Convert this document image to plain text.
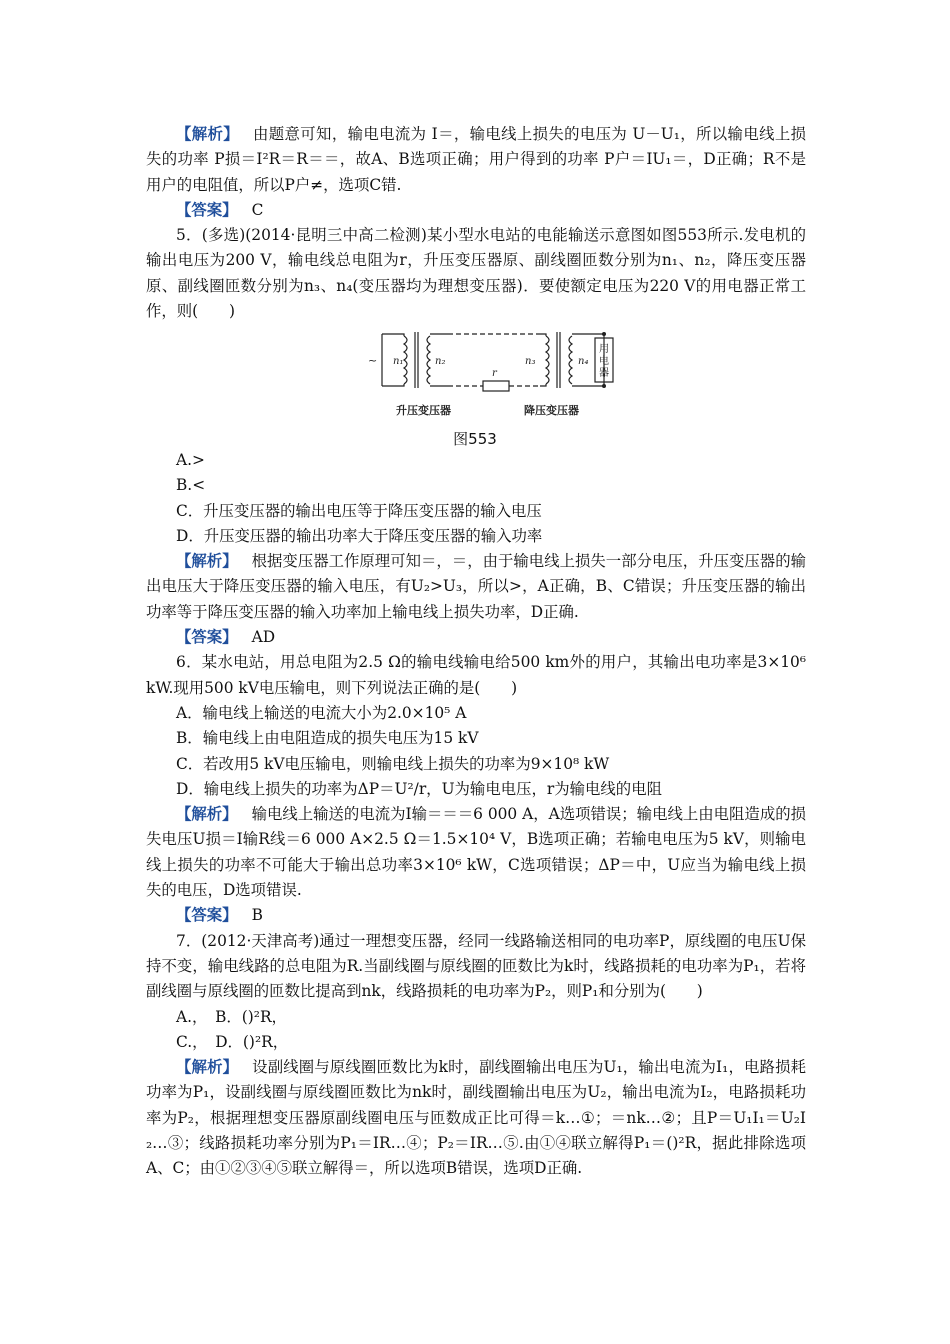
【解析】 由题意可知，输电电流为 I＝，输电线上损失的电压为 U－U₁，所以输电线上损失的功率 P损＝I²R＝R＝＝，故A、B选项正确；用户得到的功率 P户＝IU₁＝，D正确；R不是用户的电阻值，所以P户≠，选项C错.

【答案】 C

5．(多选)(2014·昆明三中高二检测)某小型水电站的电能输送示意图如图553所示.发电机的输出电压为200 V，输电线总电阻为r，升压变压器原、副线圈匝数分别为n₁、n₂，降压变压器原、副线圈匝数分别为n₃、n₄(变压器均为理想变压器)．要使额定电压为220 V的用电器正常工作，则(　　)

n₁	n₂	n₃	n₄
r
~
用电器
升压变压器	降压变压器
图553

A.>

B.<

C．升压变压器的输出电压等于降压变压器的输入电压

D．升压变压器的输出功率大于降压变压器的输入功率

【解析】 根据变压器工作原理可知＝，＝，由于输电线上损失一部分电压，升压变压器的输出电压大于降压变压器的输入电压，有U₂>U₃，所以>，A正确，B、C错误；升压变压器的输出功率等于降压变压器的输入功率加上输电线上损失功率，D正确.

【答案】 AD

6．某水电站，用总电阻为2.5 Ω的输电线输电给500 km外的用户，其输出电功率是3×10⁶ kW.现用500 kV电压输电，则下列说法正确的是(　　)

A．输电线上输送的电流大小为2.0×10⁵ A

B．输电线上由电阻造成的损失电压为15 kV

C．若改用5 kV电压输电，则输电线上损失的功率为9×10⁸ kW

D．输电线上损失的功率为ΔP＝U²/r，U为输电电压，r为输电线的电阻

【解析】 输电线上输送的电流为I输＝＝＝6 000 A，A选项错误；输电线上由电阻造成的损失电压U损＝I输R线＝6 000 A×2.5 Ω＝1.5×10⁴ V，B选项正确；若输电电压为5 kV，则输电线上损失的功率不可能大于输出总功率3×10⁶ kW，C选项错误；ΔP＝中，U应当为输电线上损失的电压，D选项错误.

【答案】 B

7．(2012·天津高考)通过一理想变压器，经同一线路输送相同的电功率P，原线圈的电压U保持不变，输电线路的总电阻为R.当副线圈与原线圈的匝数比为k时，线路损耗的电功率为P₁，若将副线圈与原线圈的匝数比提高到nk，线路损耗的电功率为P₂，则P₁和分别为(　　)

A.，　B．()²R，

C.，　D．()²R，

【解析】 设副线圈与原线圈匝数比为k时，副线圈输出电压为U₁，输出电流为I₁，电路损耗功率为P₁，设副线圈与原线圈匝数比为nk时，副线圈输出电压为U₂，输出电流为I₂，电路损耗功率为P₂，根据理想变压器原副线圈电压与匝数成正比可得＝k…①；＝nk…②；且P＝U₁I₁＝U₂I₂…③；线路损耗功率分别为P₁＝IR…④；P₂＝IR…⑤.由①④联立解得P₁＝()²R，据此排除选项A、C；由①②③④⑤联立解得＝，所以选项B错误，选项D正确.
